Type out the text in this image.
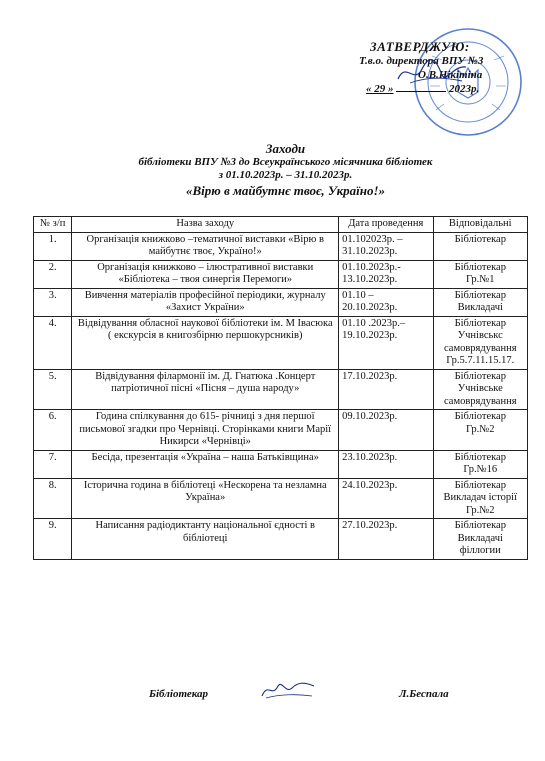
ЗАТВЕРДЖУЮ:
Т.в.о. директора ВПУ №3
О.В.Нікітіна
« 29 »	2023р.
Заходи
бібліотеки ВПУ №3 до Всеукраїнського місячника бібліотек
з 01.10.2023р. – 31.10.2023р.
«Вірю в майбутнє твоє, Україно!»
№ з/п	Назва заходу	Дата проведення	Відповідальні
1.	Організація книжково –тематичної виставки «Вірю в майбутнє твоє, Україно!»	01.102023р. – 31.10.2023р.	Бібліотекар

2.	Організація книжково – ілюстративної виставки «Бібліотека – твоя синергія Перемоги»	01.10.2023р.- 13.10.2023р.	Бібліотекар
Гр.№1

3.	Вивчення матеріалів професійної періодики, журналу «Захист України»	01.10 – 20.10.2023р.	Бібліотекар
Викладачі

4.	Відвідування обласної наукової бібліотеки ім. М Івасюка ( екскурсія в книгозбірню першокурсників)	01.10 .2023р.– 19.10.2023р.	Бібліотекар
Учнівськс самоврядування
Гр.5.7.11.15.17.

5.	Відвідування філармонії ім. Д. Гнатюка .Концерт патріотичної пісні «Пісня – душа народу»	17.10.2023р.	Бібліотекар
Учнівське самоврядування

6.	Година спілкування до 615- річниці з дня першої письмової згадки про Чернівці. Сторінками книги Марії Никирси «Чернівці»	09.10.2023р.	Бібліотекар
Гр.№2

7.	Бесіда, презентація «Україна – наша Батьківщина»	23.10.2023р.	Бібліотекар
Гр.№16

8.	Історична година в бібліотеці «Нескорена та незламна Україна»	24.10.2023р.	Бібліотекар
Викладач історії
Гр.№2

9.	Написання радіодиктанту національної єдності в бібліотеці	27.10.2023р.	Бібліотекар
Викладачі
філлогии
Бібліотекар	Л.Беспала
